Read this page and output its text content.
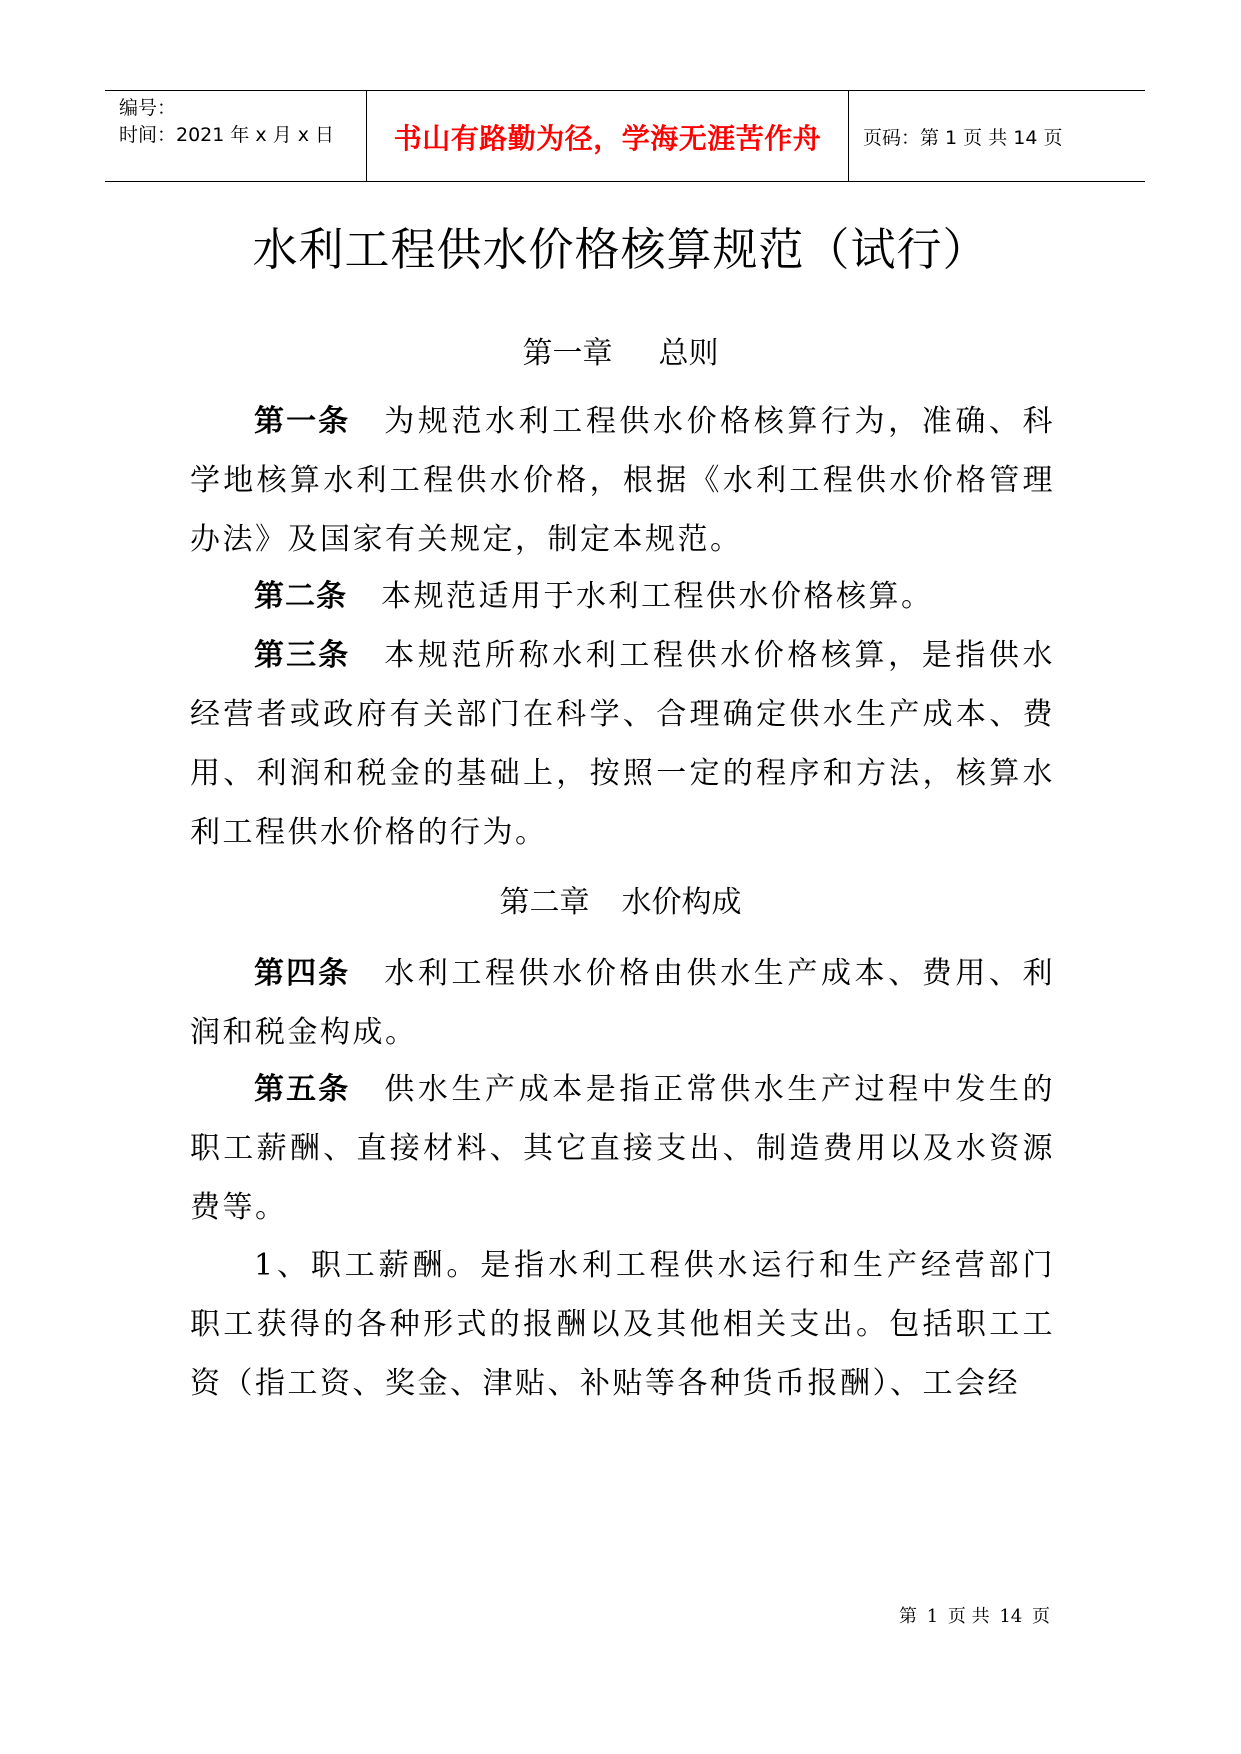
编号：
时间：2021 年 x 月 x 日	书山有路勤为径，学海无涯苦作舟	页码：第 1 页 共 14 页
水利工程供水价格核算规范（试行）
第一章 总则

第一条 为规范水利工程供水价格核算行为，准确、科学地核算水利工程供水价格，根据《水利工程供水价格管理办法》及国家有关规定，制定本规范。

第二条 本规范适用于水利工程供水价格核算。

第三条 本规范所称水利工程供水价格核算，是指供水经营者或政府有关部门在科学、合理确定供水生产成本、费用、利润和税金的基础上，按照一定的程序和方法，核算水利工程供水价格的行为。

第二章 水价构成

第四条 水利工程供水价格由供水生产成本、费用、利润和税金构成。

第五条 供水生产成本是指正常供水生产过程中发生的职工薪酬、直接材料、其它直接支出、制造费用以及水资源费等。

1、职工薪酬。是指水利工程供水运行和生产经营部门职工获得的各种形式的报酬以及其他相关支出。包括职工工资（指工资、奖金、津贴、补贴等各种货币报酬）、工会经

第 1 页 共 14 页
